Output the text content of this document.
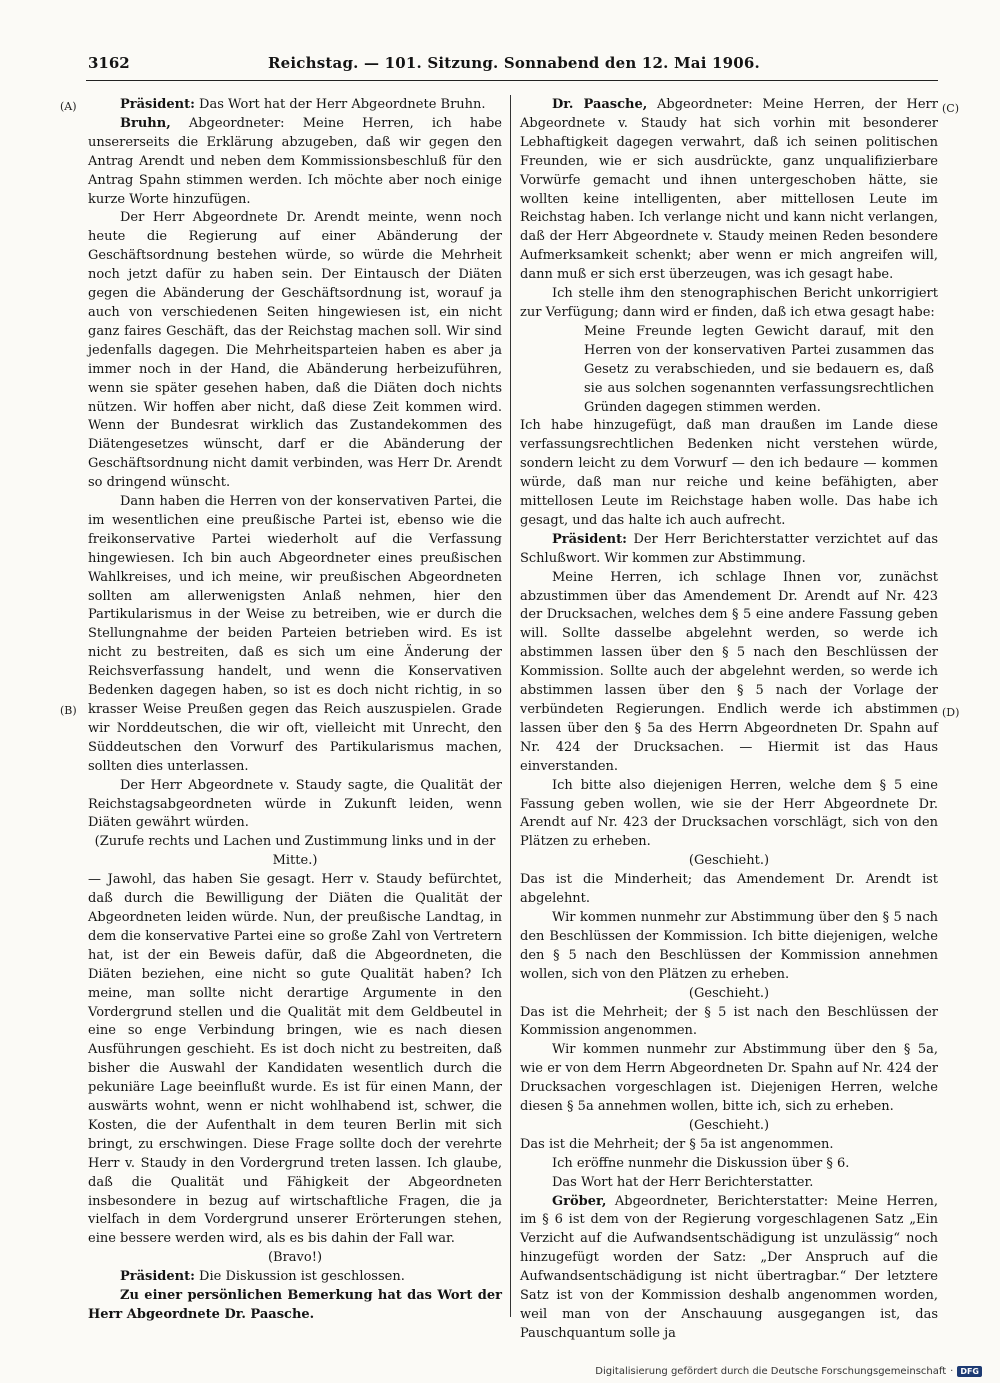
3162	Reichstag. — 101. Sitzung. Sonnabend den 12. Mai 1906.
(A)
(B)
(C)
(D)

Präsident: Das Wort hat der Herr Abgeordnete Bruhn.

Bruhn, Abgeordneter: Meine Herren, ich habe unsererseits die Erklärung abzugeben, daß wir gegen den Antrag Arendt und neben dem Kommissionsbeschluß für den Antrag Spahn stimmen werden. Ich möchte aber noch einige kurze Worte hinzufügen.

Der Herr Abgeordnete Dr. Arendt meinte, wenn noch heute die Regierung auf einer Abänderung der Geschäftsordnung bestehen würde, so würde die Mehrheit noch jetzt dafür zu haben sein. Der Eintausch der Diäten gegen die Abänderung der Geschäftsordnung ist, worauf ja auch von verschiedenen Seiten hingewiesen ist, ein nicht ganz faires Geschäft, das der Reichstag machen soll. Wir sind jedenfalls dagegen. Die Mehrheitsparteien haben es aber ja immer noch in der Hand, die Abänderung herbeizuführen, wenn sie später gesehen haben, daß die Diäten doch nichts nützen. Wir hoffen aber nicht, daß diese Zeit kommen wird. Wenn der Bundesrat wirklich das Zustandekommen des Diätengesetzes wünscht, darf er die Abänderung der Geschäftsordnung nicht damit verbinden, was Herr Dr. Arendt so dringend wünscht.

Dann haben die Herren von der konservativen Partei, die im wesentlichen eine preußische Partei ist, ebenso wie die freikonservative Partei wiederholt auf die Verfassung hingewiesen. Ich bin auch Abgeordneter eines preußischen Wahlkreises, und ich meine, wir preußischen Abgeordneten sollten am allerwenigsten Anlaß nehmen, hier den Partikularismus in der Weise zu betreiben, wie er durch die Stellungnahme der beiden Parteien betrieben wird. Es ist nicht zu bestreiten, daß es sich um eine Änderung der Reichsverfassung handelt, und wenn die Konservativen Bedenken dagegen haben, so ist es doch nicht richtig, in so krasser Weise Preußen gegen das Reich auszuspielen. Grade wir Norddeutschen, die wir oft, vielleicht mit Unrecht, den Süddeutschen den Vorwurf des Partikularismus machen, sollten dies unterlassen.

Der Herr Abgeordnete v. Staudy sagte, die Qualität der Reichstagsabgeordneten würde in Zukunft leiden, wenn Diäten gewährt würden.

(Zurufe rechts und Lachen und Zustimmung links und in der Mitte.)

— Jawohl, das haben Sie gesagt. Herr v. Staudy befürchtet, daß durch die Bewilligung der Diäten die Qualität der Abgeordneten leiden würde. Nun, der preußische Landtag, in dem die konservative Partei eine so große Zahl von Vertretern hat, ist der ein Beweis dafür, daß die Abgeordneten, die Diäten beziehen, eine nicht so gute Qualität haben? Ich meine, man sollte nicht derartige Argumente in den Vordergrund stellen und die Qualität mit dem Geldbeutel in eine so enge Verbindung bringen, wie es nach diesen Ausführungen geschieht. Es ist doch nicht zu bestreiten, daß bisher die Auswahl der Kandidaten wesentlich durch die pekuniäre Lage beeinflußt wurde. Es ist für einen Mann, der auswärts wohnt, wenn er nicht wohlhabend ist, schwer, die Kosten, die der Aufenthalt in dem teuren Berlin mit sich bringt, zu erschwingen. Diese Frage sollte doch der verehrte Herr v. Staudy in den Vordergrund treten lassen. Ich glaube, daß die Qualität und Fähigkeit der Abgeordneten insbesondere in bezug auf wirtschaftliche Fragen, die ja vielfach in dem Vordergrund unserer Erörterungen stehen, eine bessere werden wird, als es bis dahin der Fall war.

(Bravo!)

Präsident: Die Diskussion ist geschlossen.

Zu einer persönlichen Bemerkung hat das Wort der Herr Abgeordnete Dr. Paasche.

Dr. Paasche, Abgeordneter: Meine Herren, der Herr Abgeordnete v. Staudy hat sich vorhin mit besonderer Lebhaftigkeit dagegen verwahrt, daß ich seinen politischen Freunden, wie er sich ausdrückte, ganz unqualifizierbare Vorwürfe gemacht und ihnen untergeschoben hätte, sie wollten keine intelligenten, aber mittellosen Leute im Reichstag haben. Ich verlange nicht und kann nicht verlangen, daß der Herr Abgeordnete v. Staudy meinen Reden besondere Aufmerksamkeit schenkt; aber wenn er mich angreifen will, dann muß er sich erst überzeugen, was ich gesagt habe.

Ich stelle ihm den stenographischen Bericht unkorrigiert zur Verfügung; dann wird er finden, daß ich etwa gesagt habe:

Meine Freunde legten Gewicht darauf, mit den Herren von der konservativen Partei zusammen das Gesetz zu verabschieden, und sie bedauern es, daß sie aus solchen sogenannten verfassungsrechtlichen Gründen dagegen stimmen werden.

Ich habe hinzugefügt, daß man draußen im Lande diese verfassungsrechtlichen Bedenken nicht verstehen würde, sondern leicht zu dem Vorwurf — den ich bedaure — kommen würde, daß man nur reiche und keine befähigten, aber mittellosen Leute im Reichstage haben wolle. Das habe ich gesagt, und das halte ich auch aufrecht.

Präsident: Der Herr Berichterstatter verzichtet auf das Schlußwort. Wir kommen zur Abstimmung.

Meine Herren, ich schlage Ihnen vor, zunächst abzustimmen über das Amendement Dr. Arendt auf Nr. 423 der Drucksachen, welches dem § 5 eine andere Fassung geben will. Sollte dasselbe abgelehnt werden, so werde ich abstimmen lassen über den § 5 nach den Beschlüssen der Kommission. Sollte auch der abgelehnt werden, so werde ich abstimmen lassen über den § 5 nach der Vorlage der verbündeten Regierungen. Endlich werde ich abstimmen lassen über den § 5a des Herrn Abgeordneten Dr. Spahn auf Nr. 424 der Drucksachen. — Hiermit ist das Haus einverstanden.

Ich bitte also diejenigen Herren, welche dem § 5 eine Fassung geben wollen, wie sie der Herr Abgeordnete Dr. Arendt auf Nr. 423 der Drucksachen vorschlägt, sich von den Plätzen zu erheben.

(Geschieht.)

Das ist die Minderheit; das Amendement Dr. Arendt ist abgelehnt.

Wir kommen nunmehr zur Abstimmung über den § 5 nach den Beschlüssen der Kommission. Ich bitte diejenigen, welche den § 5 nach den Beschlüssen der Kommission annehmen wollen, sich von den Plätzen zu erheben.

(Geschieht.)

Das ist die Mehrheit; der § 5 ist nach den Beschlüssen der Kommission angenommen.

Wir kommen nunmehr zur Abstimmung über den § 5a, wie er von dem Herrn Abgeordneten Dr. Spahn auf Nr. 424 der Drucksachen vorgeschlagen ist. Diejenigen Herren, welche diesen § 5a annehmen wollen, bitte ich, sich zu erheben.

(Geschieht.)

Das ist die Mehrheit; der § 5a ist angenommen.

Ich eröffne nunmehr die Diskussion über § 6.

Das Wort hat der Herr Berichterstatter.

Gröber, Abgeordneter, Berichterstatter: Meine Herren, im § 6 ist dem von der Regierung vorgeschlagenen Satz „Ein Verzicht auf die Aufwandsentschädigung ist unzulässig“ noch hinzugefügt worden der Satz: „Der Anspruch auf die Aufwandsentschädigung ist nicht übertragbar.“ Der letztere Satz ist von der Kommission deshalb angenommen worden, weil man von der Anschauung ausgegangen ist, das Pauschquantum solle ja

Digitalisierung gefördert durch die Deutsche Forschungsgemeinschaft · DFG
